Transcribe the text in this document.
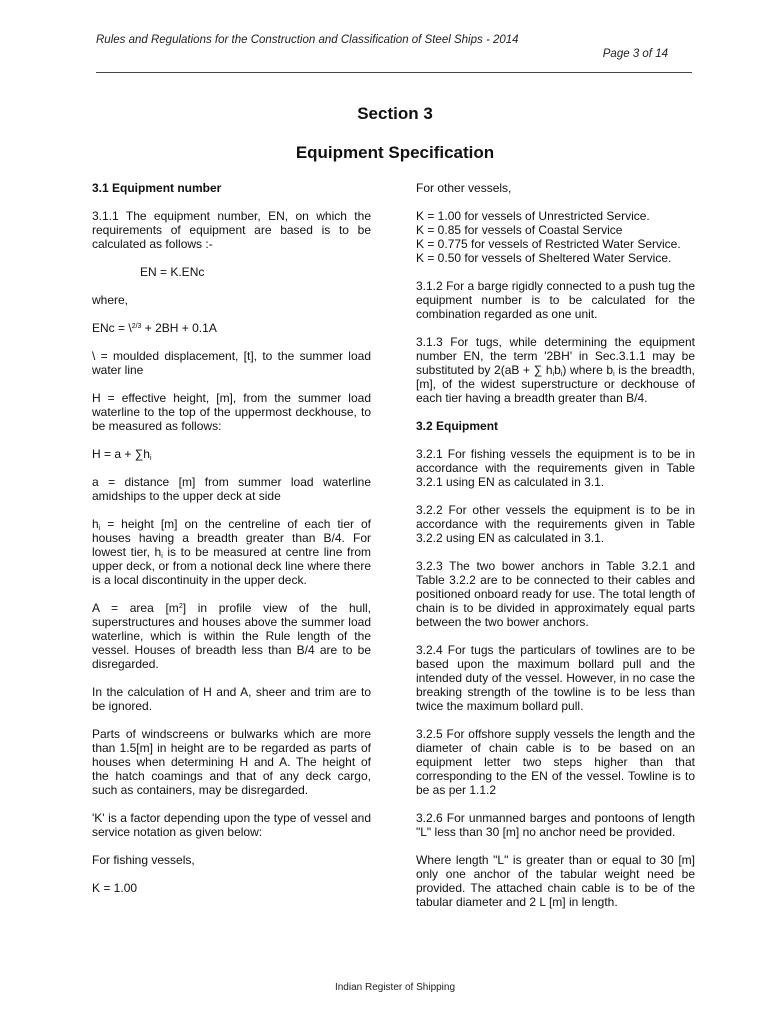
Rules and Regulations for the Construction and Classification of Steel Ships - 2014
Page 3 of 14
Section 3
Equipment Specification

3.1 Equipment number

3.1.1 The equipment number, EN, on which the requirements of equipment are based is to be calculated as follows :-

EN = K.ENc

where,

ENc = \$^{2/3}$ + 2BH + 0.1A

\ = moulded displacement, [t], to the summer load water line

H = effective height, [m], from the summer load waterline to the top of the uppermost deckhouse, to be measured as follows:

$H = a + \sum h_i$

a = distance [m] from summer load waterline amidships to the upper deck at side

$h_i$ = height [m] on the centreline of each tier of houses having a breadth greater than B/4. For lowest tier, $h_i$ is to be measured at centre line from upper deck, or from a notional deck line where there is a local discontinuity in the upper deck.

A = area $[m^2]$ in profile view of the hull, superstructures and houses above the summer load waterline, which is within the Rule length of the vessel. Houses of breadth less than B/4 are to be disregarded.

In the calculation of H and A, sheer and trim are to be ignored.

Parts of windscreens or bulwarks which are more than 1.5[m] in height are to be regarded as parts of houses when determining H and A. The height of the hatch coamings and that of any deck cargo, such as containers, may be disregarded.

'K' is a factor depending upon the type of vessel and service notation as given below:

For fishing vessels,

K = 1.00

For other vessels,

K = 1.00 for vessels of Unrestricted Service.

K = 0.85 for vessels of Coastal Service

K = 0.775 for vessels of Restricted Water Service.

K = 0.50 for vessels of Sheltered Water Service.

3.1.2 For a barge rigidly connected to a push tug the equipment number is to be calculated for the combination regarded as one unit.

3.1.3 For tugs, while determining the equipment number EN, the term '2BH' in Sec.3.1.1 may be substituted by 2(aB + ∑ $h_ib_i$) where $b_i$ is the breadth, [m], of the widest superstructure or deckhouse of each tier having a breadth greater than B/4.

3.2 Equipment

3.2.1 For fishing vessels the equipment is to be in accordance with the requirements given in Table 3.2.1 using EN as calculated in 3.1.

3.2.2 For other vessels the equipment is to be in accordance with the requirements given in Table 3.2.2 using EN as calculated in 3.1.

3.2.3 The two bower anchors in Table 3.2.1 and Table 3.2.2 are to be connected to their cables and positioned onboard ready for use. The total length of chain is to be divided in approximately equal parts between the two bower anchors.

3.2.4 For tugs the particulars of towlines are to be based upon the maximum bollard pull and the intended duty of the vessel. However, in no case the breaking strength of the towline is to be less than twice the maximum bollard pull.

3.2.5 For offshore supply vessels the length and the diameter of chain cable is to be based on an equipment letter two steps higher than that corresponding to the EN of the vessel. Towline is to be as per 1.1.2

3.2.6 For unmanned barges and pontoons of length "L" less than 30 [m] no anchor need be provided.

Where length "L" is greater than or equal to 30 [m] only one anchor of the tabular weight need be provided. The attached chain cable is to be of the tabular diameter and 2 L [m] in length.

Indian Register of Shipping
